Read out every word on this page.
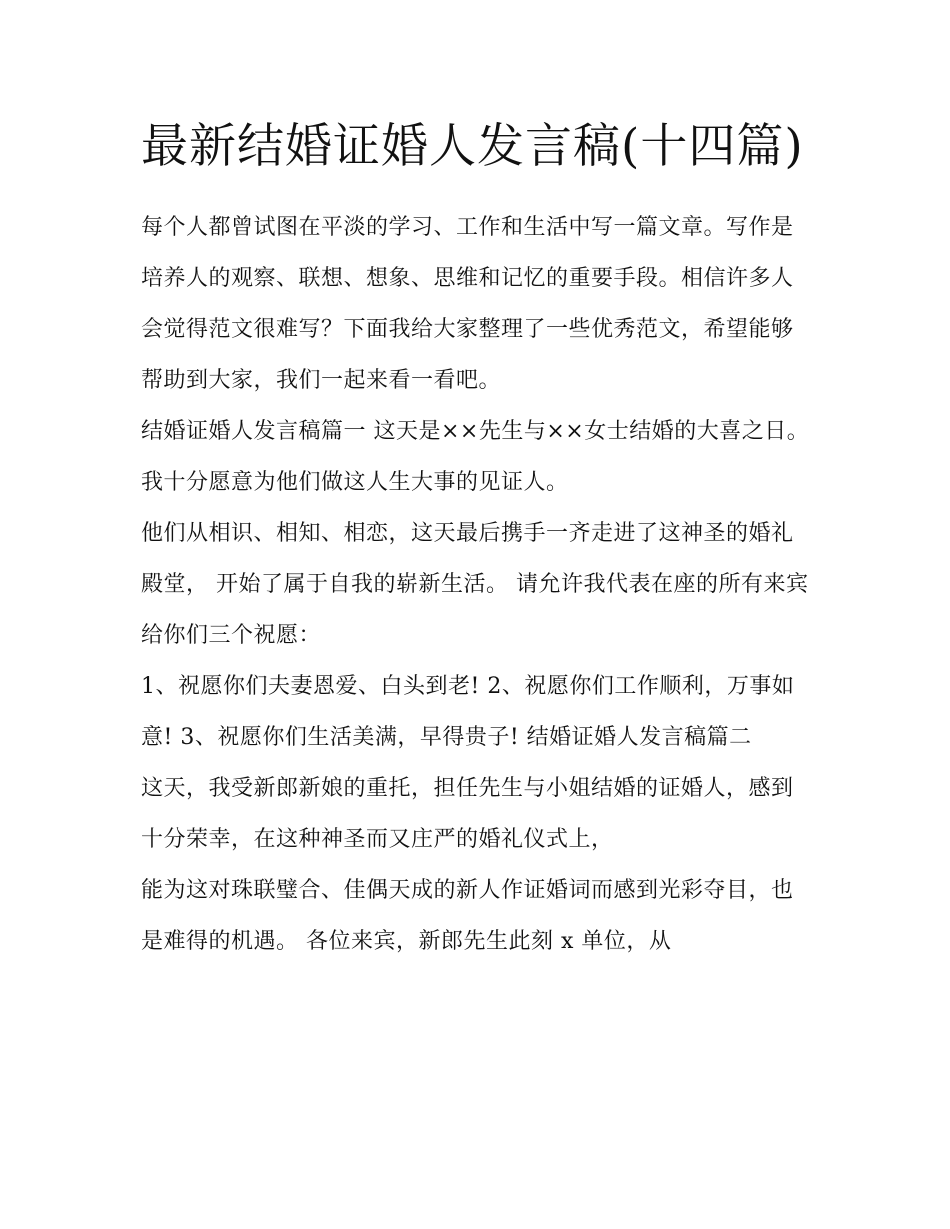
最新结婚证婚人发言稿(十四篇)

每个人都曾试图在平淡的学习、工作和生活中写一篇文章。写作是培养人的观察、联想、想象、思维和记忆的重要手段。相信许多人会觉得范文很难写？下面我给大家整理了一些优秀范文，希望能够帮助到大家，我们一起来看一看吧。

结婚证婚人发言稿篇一 这天是××先生与××女士结婚的大喜之日。 我十分愿意为他们做这人生大事的见证人。

他们从相识、相知、相恋，这天最后携手一齐走进了这神圣的婚礼殿堂， 开始了属于自我的崭新生活。 请允许我代表在座的所有来宾给你们三个祝愿：

1、祝愿你们夫妻恩爱、白头到老! 2、祝愿你们工作顺利，万事如意! 3、祝愿你们生活美满，早得贵子! 结婚证婚人发言稿篇二

这天，我受新郎新娘的重托，担任先生与小姐结婚的证婚人，感到十分荣幸，在这种神圣而又庄严的婚礼仪式上，

能为这对珠联璧合、佳偶天成的新人作证婚词而感到光彩夺目，也是难得的机遇。 各位来宾，新郎先生此刻 x 单位，从
